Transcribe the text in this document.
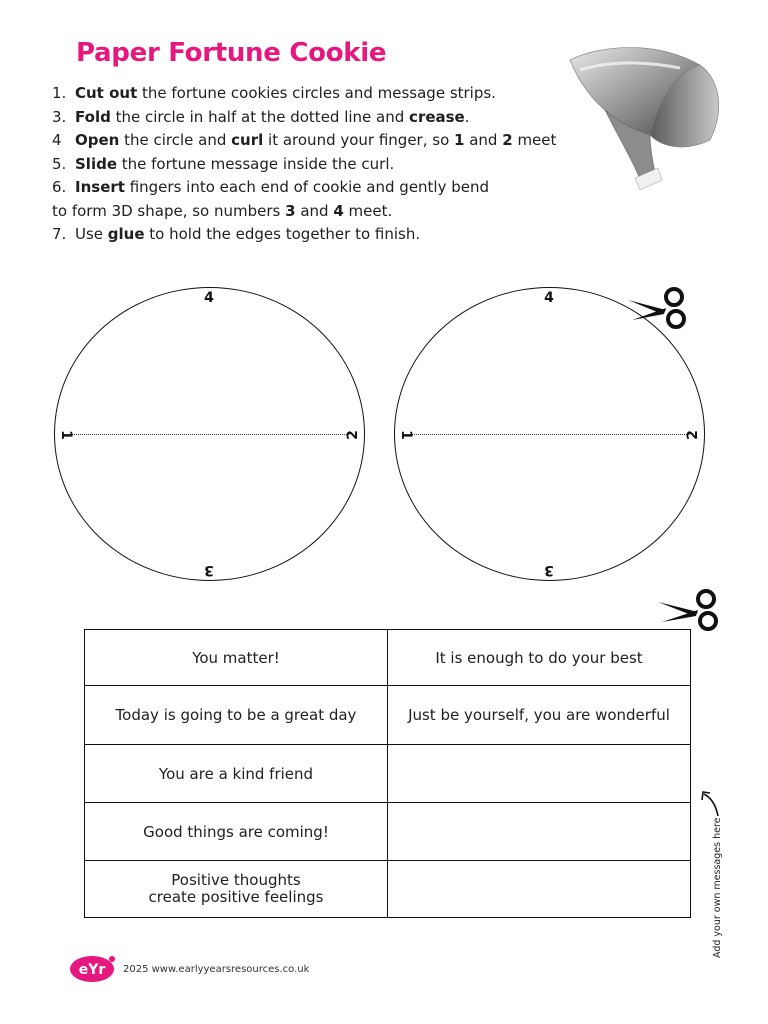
Paper Fortune Cookie
1. Cut out the fortune cookies circles and message strips.
3. Fold the circle in half at the dotted line and crease.
4 Open the circle and curl it around your finger, so 1 and 2 meet
5. Slide the fortune message inside the curl.
6. Insert fingers into each end of cookie and gently bend
to form 3D shape, so numbers 3 and 4 meet.
7. Use glue to hold the edges together to finish.
4
1	2
3
4
1	2
3
You matter!	It is enough to do your best
Today is going to be a great day	Just be yourself, you are wonderful
You are a kind friend	
Good things are coming!	
Positive thoughts create positive feelings		Add your own messages here
eYr 2025 www.earlyyearsresources.co.uk
